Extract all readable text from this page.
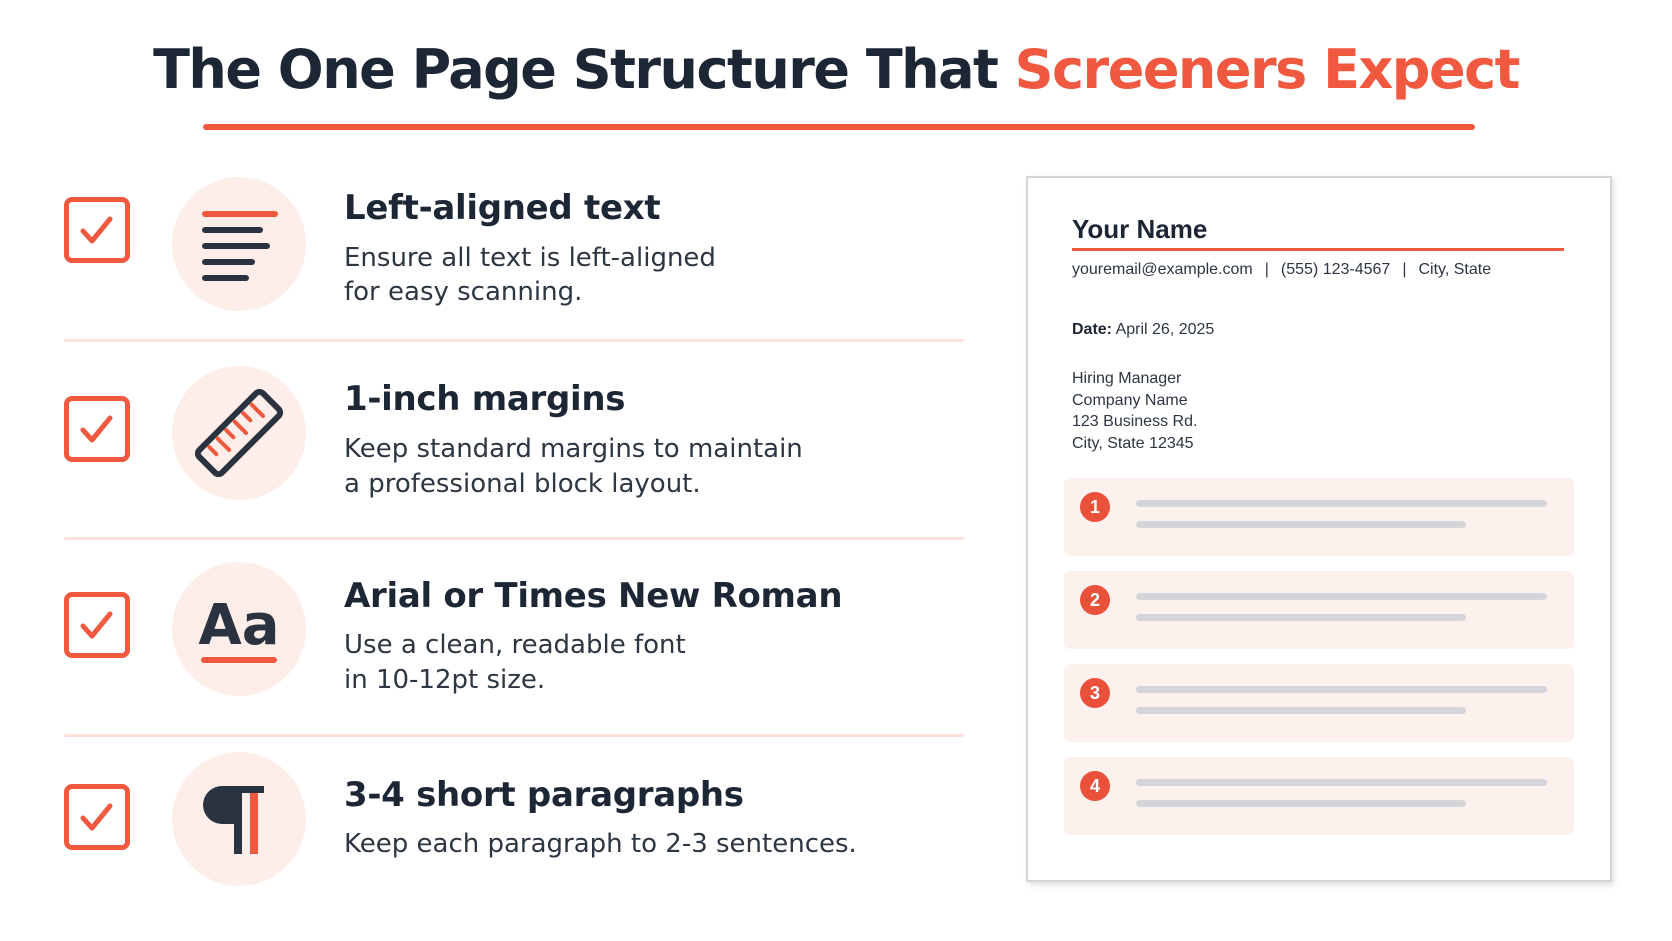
The One Page Structure That Screeners Expect
Left-aligned text
Ensure all text is left-aligned
for easy scanning.
1-inch margins
Keep standard margins to maintain
a professional block layout.
Aa Arial or Times New Roman
Use a clean, readable font
in 10-12pt size.
3-4 short paragraphs
Keep each paragraph to 2-3 sentences.
Your Name
youremail@example.com | (555) 123-4567 | City, State
Date: April 26, 2025
Hiring Manager
Company Name
123 Business Rd.
City, State 12345
1
2
3
4
